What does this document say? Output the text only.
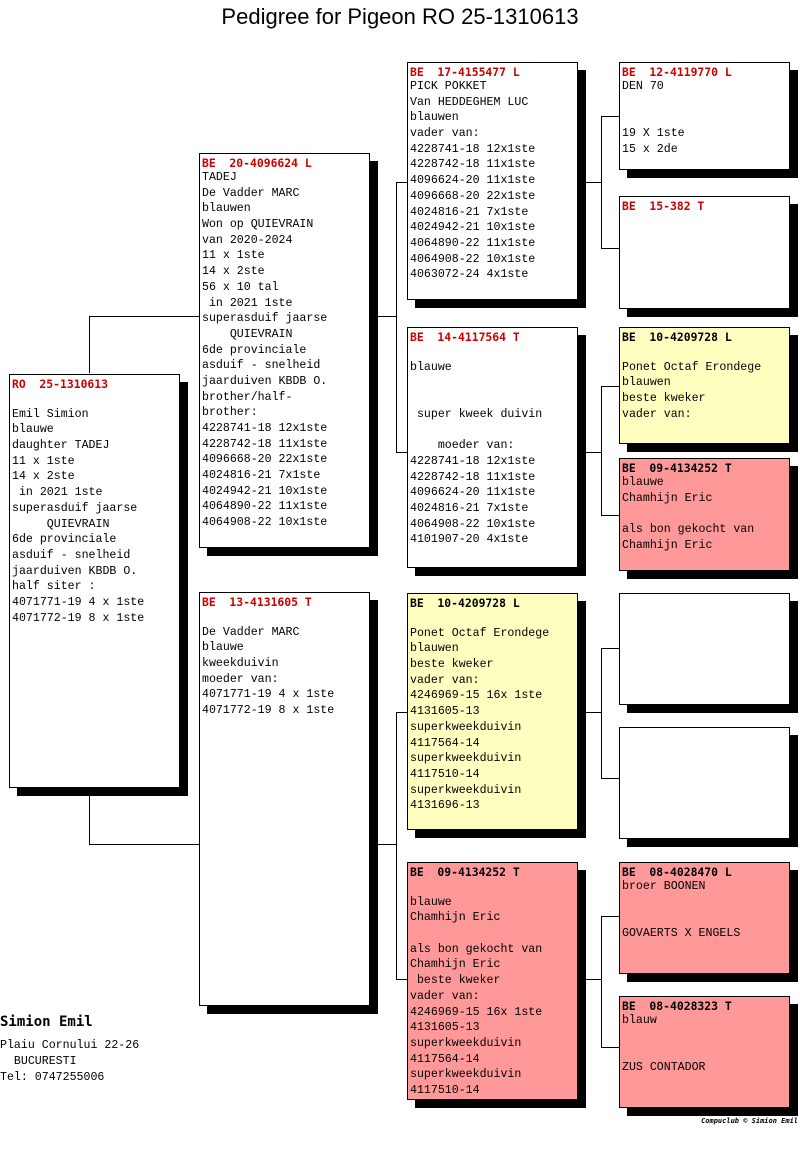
Pedigree for Pigeon RO 25-1310613
RO  25-1310613
Emil Simion
blauwe
daughter TADEJ
11 x 1ste
14 x 2ste
in 2021 1ste
superasduif jaarse
QUIEVRAIN
6de provinciale
asduif - snelheid
jaarduiven KBDB O.
half siter :
4071771-19 4 x 1ste
4071772-19 8 x 1ste
BE  20-4096624 L
TADEJ
De Vadder MARC
blauwen
Won op QUIEVRAIN
van 2020-2024
11 x 1ste
14 x 2ste
56 x 10 tal
in 2021 1ste
superasduif jaarse
QUIEVRAIN
6de provinciale
asduif - snelheid
jaarduiven KBDB O.
brother/half-
brother:
4228741-18 12x1ste
4228742-18 11x1ste
4096668-20 22x1ste
4024816-21 7x1ste
4024942-21 10x1ste
4064890-22 11x1ste
4064908-22 10x1ste
BE  13-4131605 T
De Vadder MARC
blauwe
kweekduivin
moeder van:
4071771-19 4 x 1ste
4071772-19 8 x 1ste
BE  17-4155477 L
PICK POKKET
Van HEDDEGHEM LUC
blauwen
vader van:
4228741-18 12x1ste
4228742-18 11x1ste
4096624-20 11x1ste
4096668-20 22x1ste
4024816-21 7x1ste
4024942-21 10x1ste
4064890-22 11x1ste
4064908-22 10x1ste
4063072-24 4x1ste
BE  14-4117564 T
blauwe
super kweek duivin
moeder van:
4228741-18 12x1ste
4228742-18 11x1ste
4096624-20 11x1ste
4024816-21 7x1ste
4064908-22 10x1ste
4101907-20 4x1ste
BE  10-4209728 L
Ponet Octaf Erondege
blauwen
beste kweker
vader van:
4246969-15 16x 1ste
4131605-13
superkweekduivin
4117564-14
superkweekduivin
4117510-14
superkweekduivin
4131696-13
BE  09-4134252 T
blauwe
Chamhijn Eric
als bon gekocht van
Chamhijn Eric
beste kweker
vader van:
4246969-15 16x 1ste
4131605-13
superkweekduivin
4117564-14
superkweekduivin
4117510-14
BE  12-4119770 L
DEN 70
19 X 1ste
15 x 2de
BE  15-382 T
BE  10-4209728 L
Ponet Octaf Erondege
blauwen
beste kweker
vader van:
BE  09-4134252 T
blauwe
Chamhijn Eric
als bon gekocht van
Chamhijn Eric
BE  08-4028470 L
broer BOONEN
GOVAERTS X ENGELS
BE  08-4028323 T
blauw
ZUS CONTADOR
Simion Emil
Plaiu Cornului 22-26
BUCURESTI
Tel: 0747255006
Compuclub © Simion Emil
